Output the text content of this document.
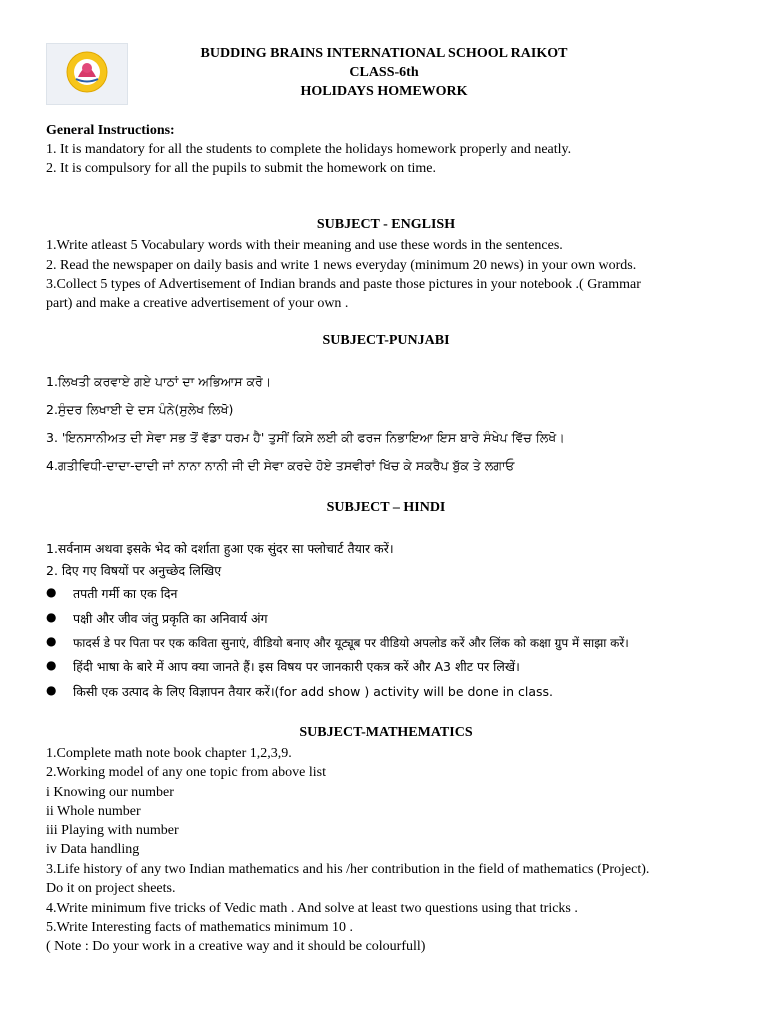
BUDDING BRAINS INTERNATIONAL SCHOOL RAIKOT
CLASS-6th
HOLIDAYS HOMEWORK
General Instructions:
1. It is mandatory for all the students to complete the holidays homework properly and neatly.
2. It is compulsory for all the pupils to submit the homework on time.
SUBJECT - ENGLISH
1.Write atleast 5 Vocabulary words with their meaning and use these words in the sentences.
2. Read the newspaper on daily basis and write 1 news everyday (minimum 20 news) in your own words.
3.Collect 5 types of Advertisement of Indian brands and paste those pictures in your notebook .( Grammar
part) and make a creative advertisement of your own .
SUBJECT-PUNJABI
1.ਲਿਖਤੀ ਕਰਵਾਏ ਗਏ ਪਾਠਾਂ ਦਾ ਅਭਿਆਸ ਕਰੋ।
2.ਸੁੰਦਰ ਲਿਖਾਈ ਦੇ ਦਸ ਪੰਨੇ(ਸੁਲੇਖ ਲਿਖੋ)
3. 'ਇਨਸਾਨੀਅਤ ਦੀ ਸੇਵਾ ਸਭ ਤੋਂ ਵੱਡਾ ਧਰਮ ਹੈ' ਤੁਸੀਂ ਕਿਸੇ ਲਈ ਕੀ ਫਰਜ ਨਿਭਾਇਆ ਇਸ ਬਾਰੇ ਸੰਖੇਪ ਵਿੱਚ ਲਿਖੋ।
4.ਗਤੀਵਿਧੀ-ਦਾਦਾ-ਦਾਦੀ ਜਾਂ ਨਾਨਾ ਨਾਨੀ ਜੀ ਦੀ ਸੇਵਾ ਕਰਦੇ ਹੋਏ ਤਸਵੀਰਾਂ ਖਿੱਚ ਕੇ ਸਕਰੈਪ ਬੁੱਕ ਤੇ ਲਗਾਓ
SUBJECT – HINDI
1.सर्वनाम अथवा इसके भेद को दर्शाता हुआ एक सुंदर सा फ्लोचार्ट तैयार करें।
2. दिए गए विषयों पर अनुच्छेद लिखिए
● तपती गर्मी का एक दिन
● पक्षी और जीव जंतु प्रकृति का अनिवार्य अंग
● फादर्स डे पर पिता पर एक कविता सुनाएं, वीडियो बनाए और यूट्यूब पर वीडियो अपलोड करें और लिंक को कक्षा ग्रुप में साझा करें।
● हिंदी भाषा के बारे में आप क्या जानते हैं। इस विषय पर जानकारी एकत्र करें और A3 शीट पर लिखें।
● किसी एक उत्पाद के लिए विज्ञापन तैयार करें।(for add show ) activity will be done in class.
SUBJECT-MATHEMATICS
1.Complete math note book chapter 1,2,3,9.
2.Working model of any one topic from above list
i Knowing our number
ii Whole number
iii Playing with number
iv Data handling
3.Life history of any two Indian mathematics and his /her contribution in the field of mathematics (Project).
Do it on project sheets.
4.Write minimum five tricks of Vedic math . And solve at least two questions using that tricks .
5.Write Interesting facts of mathematics minimum 10 .
( Note : Do your work in a creative way and it should be colourfull)
